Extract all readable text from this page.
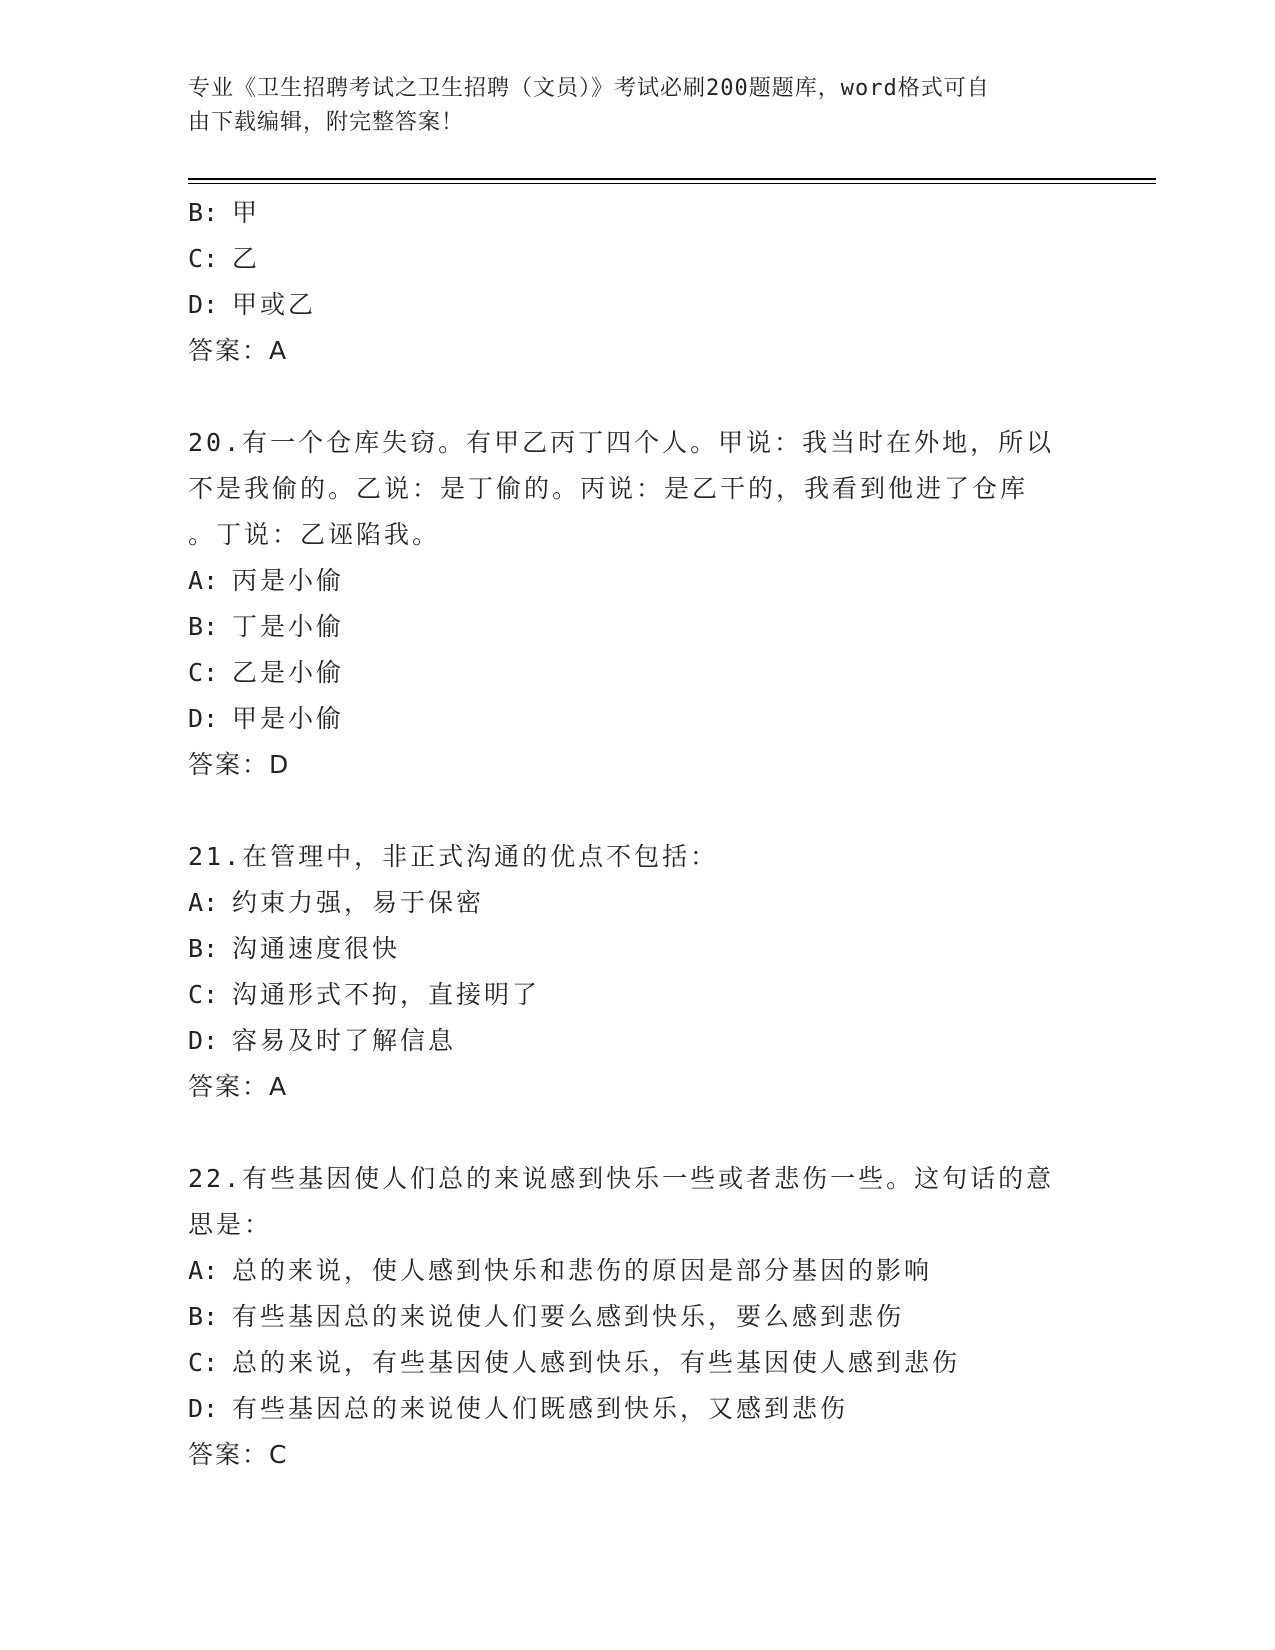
专业《卫生招聘考试之卫生招聘（文员）》考试必刷200题题库，word格式可自
由下载编辑，附完整答案！
B: 甲
C: 乙
D: 甲或乙
答案：A
20.有一个仓库失窃。有甲乙丙丁四个人。甲说：我当时在外地，所以
不是我偷的。乙说：是丁偷的。丙说：是乙干的，我看到他进了仓库
。丁说：乙诬陷我。
A: 丙是小偷
B: 丁是小偷
C: 乙是小偷
D: 甲是小偷
答案：D
21.在管理中，非正式沟通的优点不包括：
A: 约束力强，易于保密
B: 沟通速度很快
C: 沟通形式不拘，直接明了
D: 容易及时了解信息
答案：A
22.有些基因使人们总的来说感到快乐一些或者悲伤一些。这句话的意
思是：
A: 总的来说，使人感到快乐和悲伤的原因是部分基因的影响
B: 有些基因总的来说使人们要么感到快乐，要么感到悲伤
C: 总的来说，有些基因使人感到快乐，有些基因使人感到悲伤
D: 有些基因总的来说使人们既感到快乐，又感到悲伤
答案：C
